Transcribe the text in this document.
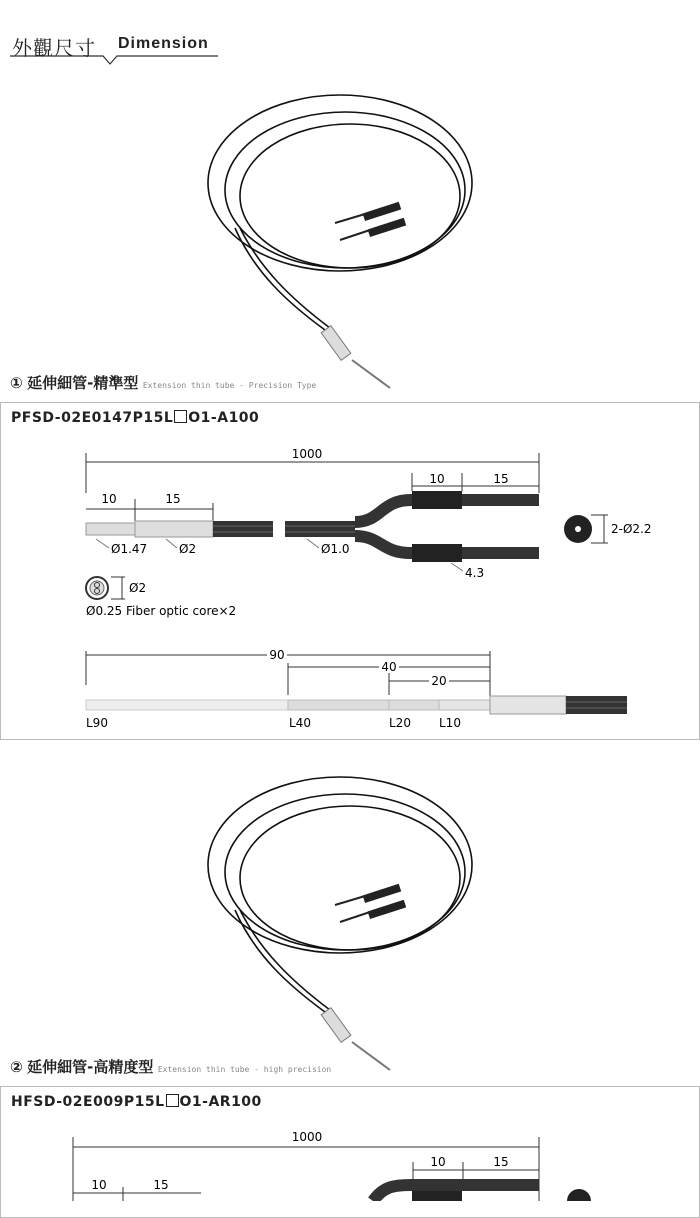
外觀尺寸 Dimension
① 延伸細管-精準型 Extension thin tube - Precision Type
PFSD-02E0147P15L O1-A100
1000
10	15
10	15
Ø1.47	Ø2	Ø1.0
4.3
2-Ø2.2
Ø2
Ø0.25 Fiber optic core×2
90
40
20
L90	L40	L20 L10
② 延伸細管-高精度型 Extension thin tube - high precision
HFSD-02E009P15L O1-AR100
1000
10	15
10	15
